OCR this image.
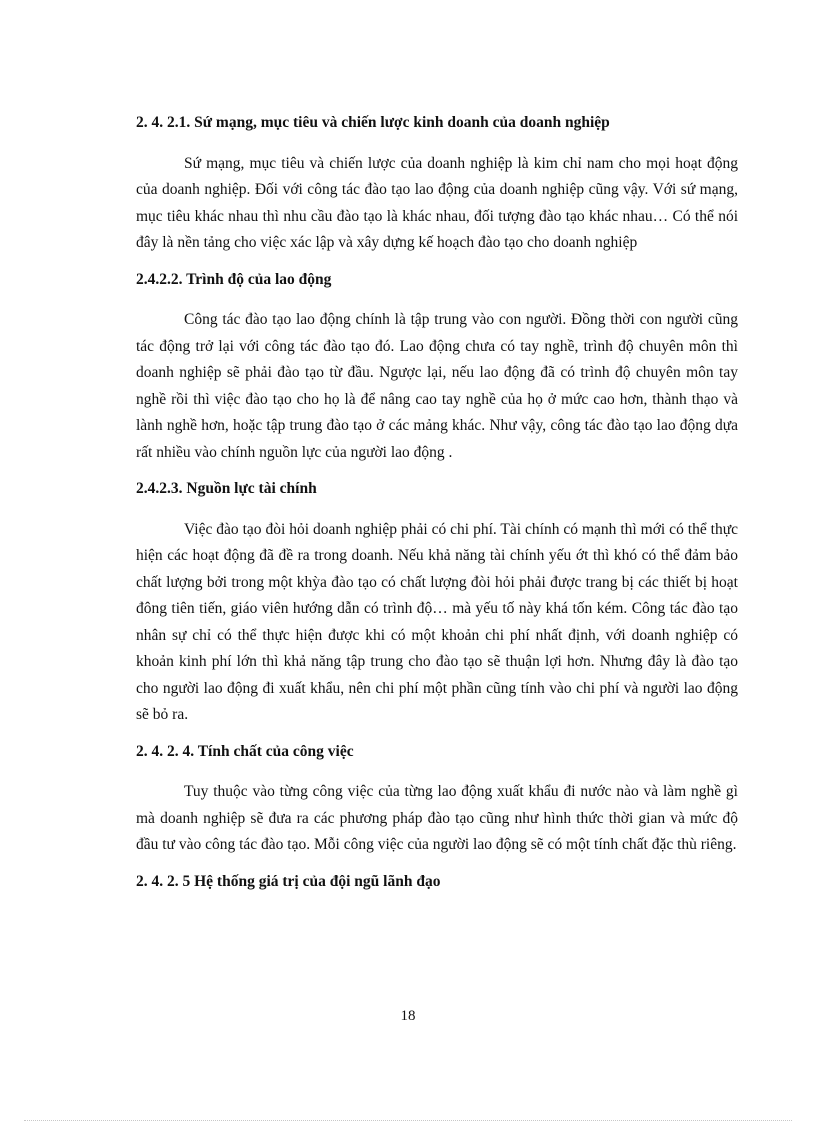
2. 4. 2.1. Sứ mạng, mục tiêu và chiến lược kinh doanh của doanh nghiệp

Sứ mạng, mục tiêu và chiến lược của doanh nghiệp là kim chỉ nam cho mọi hoạt động của doanh nghiệp. Đối với công tác đào tạo lao động của doanh nghiệp cũng vậy. Với sứ mạng, mục tiêu khác nhau thì nhu cầu đào tạo là khác nhau, đối tượng đào tạo khác nhau… Có thể nói đây là nền tảng cho việc xác lập và xây dựng kế hoạch đào tạo cho doanh nghiệp

2.4.2.2. Trình độ của lao động

Công tác đào tạo lao động chính là tập trung vào con người. Đồng thời con người cũng tác động trở lại với công tác đào tạo đó. Lao động chưa có tay nghề, trình độ chuyên môn thì doanh nghiệp sẽ phải đào tạo từ đầu. Ngược lại, nếu lao động đã có trình độ chuyên môn tay nghề rồi thì việc đào tạo cho họ là để nâng cao tay nghề của họ ở mức cao hơn, thành thạo và lành nghề hơn, hoặc tập trung đào tạo ở các mảng khác. Như vậy, công tác đào tạo lao động dựa rất nhiều vào chính nguồn lực của người lao động .

2.4.2.3. Nguồn lực tài chính

Việc đào tạo đòi hỏi doanh nghiệp phải có chi phí. Tài chính có mạnh thì mới có thể thực hiện các hoạt động đã đề ra trong doanh. Nếu khả năng tài chính yếu ớt thì khó có thể đảm bảo chất lượng bởi trong một khỳa đào tạo có chất lượng đòi hỏi phải được trang bị các thiết bị hoạt đông tiên tiến, giáo viên hướng dẫn có trình độ… mà yếu tố này khá tốn kém. Công tác đào tạo nhân sự chỉ có thể thực hiện được khi có một khoản chi phí nhất định, với doanh nghiệp có khoản kinh phí lớn thì khả năng tập trung cho đào tạo sẽ thuận lợi hơn. Nhưng đây là đào tạo cho người lao động đi xuất khẩu, nên chi phí một phần cũng tính vào chi phí và người lao động sẽ bỏ ra.

2. 4. 2. 4. Tính chất của công việc

Tuy thuộc vào từng công việc của từng lao động xuất khẩu đi nước nào và làm nghề gì mà doanh nghiệp sẽ đưa ra các phương pháp đào tạo cũng như hình thức thời gian và mức độ đầu tư vào công tác đào tạo. Mỗi công việc của người lao động sẽ có một tính chất đặc thù riêng.

2. 4. 2. 5 Hệ thống giá trị của đội ngũ lãnh đạo
18
